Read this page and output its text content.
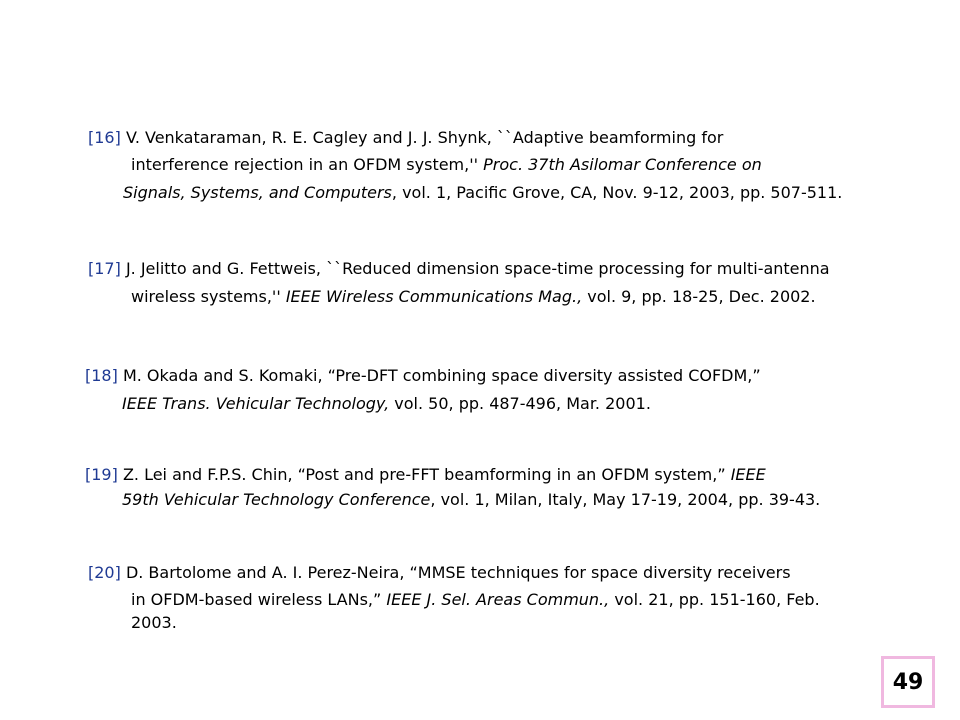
[16] V. Venkataraman, R. E. Cagley and J. J. Shynk, ``Adaptive beamforming for
interference rejection in an OFDM system,'' Proc. 37th Asilomar Conference on
Signals, Systems, and Computers, vol. 1, Pacific Grove, CA, Nov. 9-12, 2003, pp. 507-511.
[17] J. Jelitto and G. Fettweis, ``Reduced dimension space-time processing for multi-antenna
wireless systems,'' IEEE Wireless Communications Mag., vol. 9, pp. 18-25, Dec. 2002.
[18] M. Okada and S. Komaki, “Pre-DFT combining space diversity assisted COFDM,”
IEEE Trans. Vehicular Technology, vol. 50, pp. 487-496, Mar. 2001.
[19] Z. Lei and F.P.S. Chin, “Post and pre-FFT beamforming in an OFDM system,” IEEE
59th Vehicular Technology Conference, vol. 1, Milan, Italy, May 17-19, 2004, pp. 39-43.
[20] D. Bartolome and A. I. Perez-Neira, “MMSE techniques for space diversity receivers
in OFDM-based wireless LANs,” IEEE J. Sel. Areas Commun., vol. 21, pp. 151-160, Feb.
2003.
49
